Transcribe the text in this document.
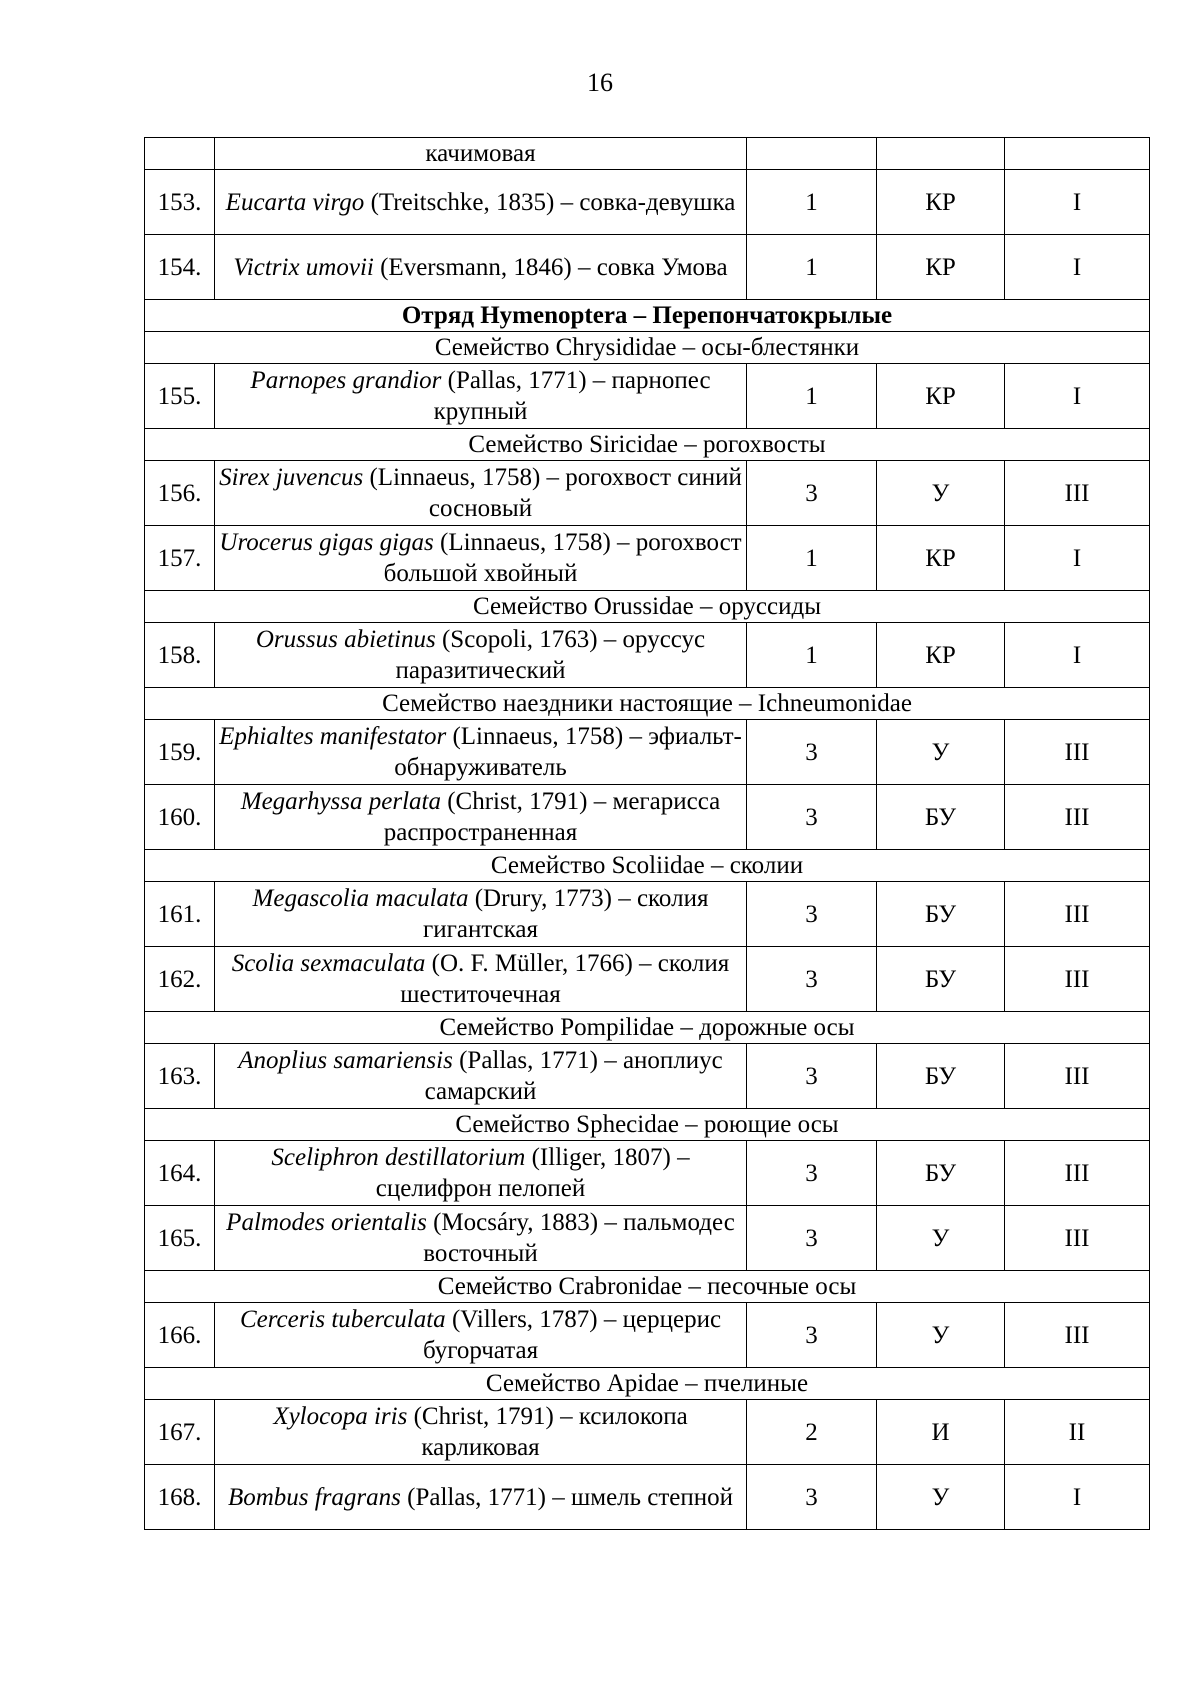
16
	качимовая			
153.	Eucarta virgo (Treitschke, 1835) – совка-девушка	1	КР	I
154.	Victrix umovii (Eversmann, 1846) – совка Умова	1	КР	I
Отряд Hymenoptera – Перепончатокрылые				
Семейство Chrysididae – осы-блестянки				
155.	Parnopes grandior (Pallas, 1771) – парнопес крупный	1	КР	I
Семейство Siricidae – рогохвосты				
156.	Sirex juvencus (Linnaeus, 1758) – рогохвост синий сосновый	3	У	III
157.	Urocerus gigas gigas (Linnaeus, 1758) – рогохвост большой хвойный	1	КР	I
Семейство Orussidae – оруссиды				
158.	Orussus abietinus (Scopoli, 1763) – оруссус паразитический	1	КР	I
Семейство наездники настоящие – Ichneumonidae				
159.	Ephialtes manifestator (Linnaeus, 1758) – эфиальт-обнаруживатель	3	У	III
160.	Megarhyssa perlata (Christ, 1791) – мегарисса распространенная	3	БУ	III
Семейство Scoliidae – сколии				
161.	Megascolia maculata (Drury, 1773) – сколия гигантская	3	БУ	III
162.	Scolia sexmaculata (O. F. Müller, 1766) – сколия шеститочечная	3	БУ	III
Семейство Pompilidae – дорожные осы				
163.	Anoplius samariensis (Pallas, 1771) – аноплиус самарский	3	БУ	III
Семейство Sphecidae – роющие осы				
164.	Sceliphron destillatorium (Illiger, 1807) – сцелифрон пелопей	3	БУ	III
165.	Palmodes orientalis (Mocsáry, 1883) – пальмодес восточный	3	У	III
Семейство Crabronidae – песочные осы				
166.	Cerceris tuberculata (Villers, 1787) – церцерис бугорчатая	3	У	III
Семейство Apidae – пчелиные				
167.	Xylocopa iris (Christ, 1791) – ксилокопа карликовая	2	И	II
168.	Bombus fragrans (Pallas, 1771) – шмель степной	3	У	I
